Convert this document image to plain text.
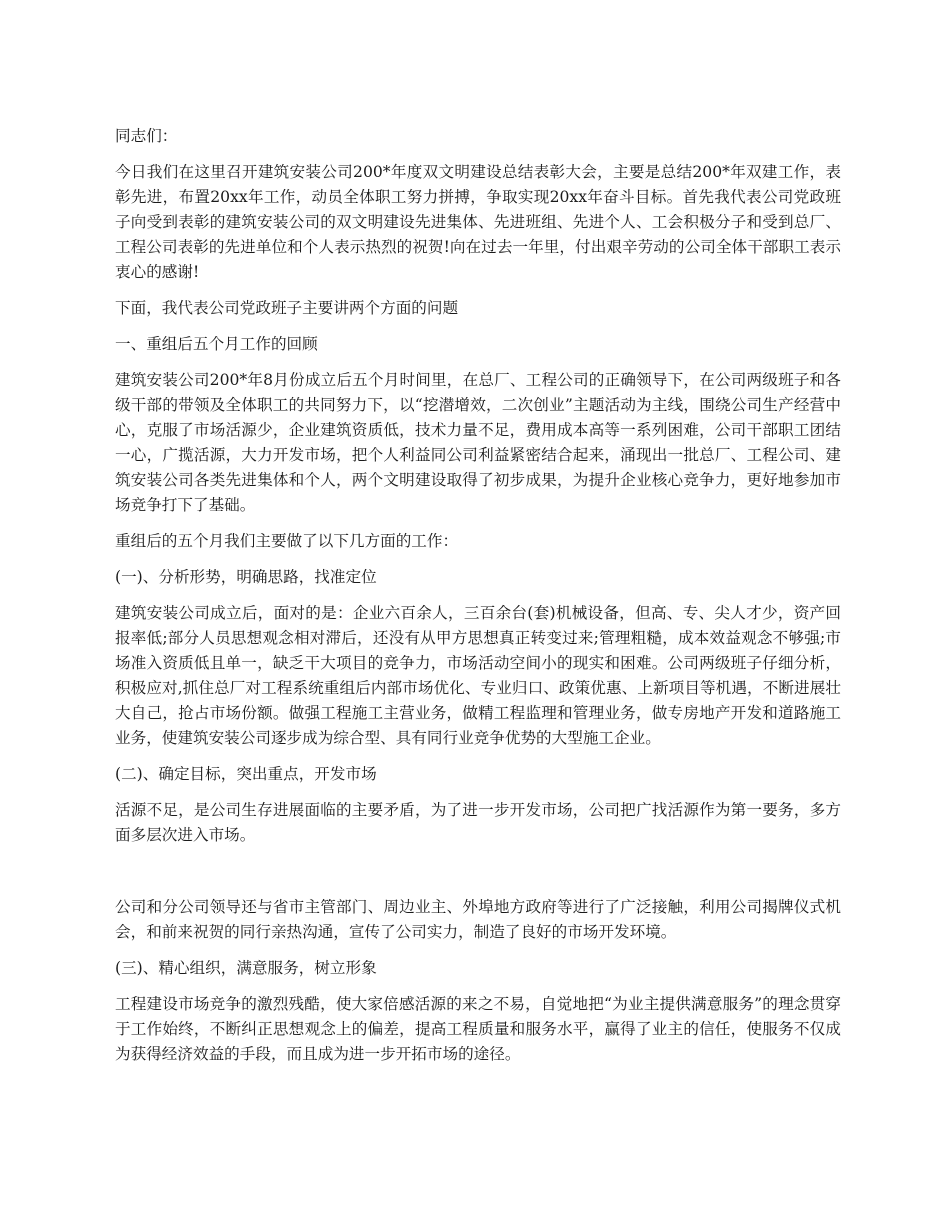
同志们：

今日我们在这里召开建筑安装公司200*年度双文明建设总结表彰大会，主要是总结200*年双建工作，表彰先进，布置20xx年工作，动员全体职工努力拼搏，争取实现20xx年奋斗目标。首先我代表公司党政班子向受到表彰的建筑安装公司的双文明建设先进集体、先进班组、先进个人、工会积极分子和受到总厂、工程公司表彰的先进单位和个人表示热烈的祝贺!向在过去一年里，付出艰辛劳动的公司全体干部职工表示衷心的感谢!

下面，我代表公司党政班子主要讲两个方面的问题

一、重组后五个月工作的回顾

建筑安装公司200*年8月份成立后五个月时间里，在总厂、工程公司的正确领导下，在公司两级班子和各级干部的带领及全体职工的共同努力下，以“挖潜增效，二次创业”主题活动为主线，围绕公司生产经营中心，克服了市场活源少，企业建筑资质低，技术力量不足，费用成本高等一系列困难，公司干部职工团结一心，广揽活源，大力开发市场，把个人利益同公司利益紧密结合起来，涌现出一批总厂、工程公司、建筑安装公司各类先进集体和个人，两个文明建设取得了初步成果，为提升企业核心竞争力，更好地参加市场竞争打下了基础。

重组后的五个月我们主要做了以下几方面的工作：

(一)、分析形势，明确思路，找准定位

建筑安装公司成立后，面对的是：企业六百余人，三百余台(套)机械设备，但高、专、尖人才少，资产回报率低;部分人员思想观念相对滞后，还没有从甲方思想真正转变过来;管理粗糙，成本效益观念不够强;市场准入资质低且单一，缺乏干大项目的竞争力，市场活动空间小的现实和困难。公司两级班子仔细分析，积极应对,抓住总厂对工程系统重组后内部市场优化、专业归口、政策优惠、上新项目等机遇，不断进展壮大自己，抢占市场份额。做强工程施工主营业务，做精工程监理和管理业务，做专房地产开发和道路施工业务，使建筑安装公司逐步成为综合型、具有同行业竞争优势的大型施工企业。

(二)、确定目标，突出重点，开发市场

活源不足，是公司生存进展面临的主要矛盾，为了进一步开发市场，公司把广找活源作为第一要务，多方面多层次进入市场。

公司和分公司领导还与省市主管部门、周边业主、外埠地方政府等进行了广泛接触，利用公司揭牌仪式机会，和前来祝贺的同行亲热沟通，宣传了公司实力，制造了良好的市场开发环境。

(三)、精心组织，满意服务，树立形象

工程建设市场竞争的激烈残酷，使大家倍感活源的来之不易，自觉地把“为业主提供满意服务”的理念贯穿于工作始终，不断纠正思想观念上的偏差，提高工程质量和服务水平，赢得了业主的信任，使服务不仅成为获得经济效益的手段，而且成为进一步开拓市场的途径。
